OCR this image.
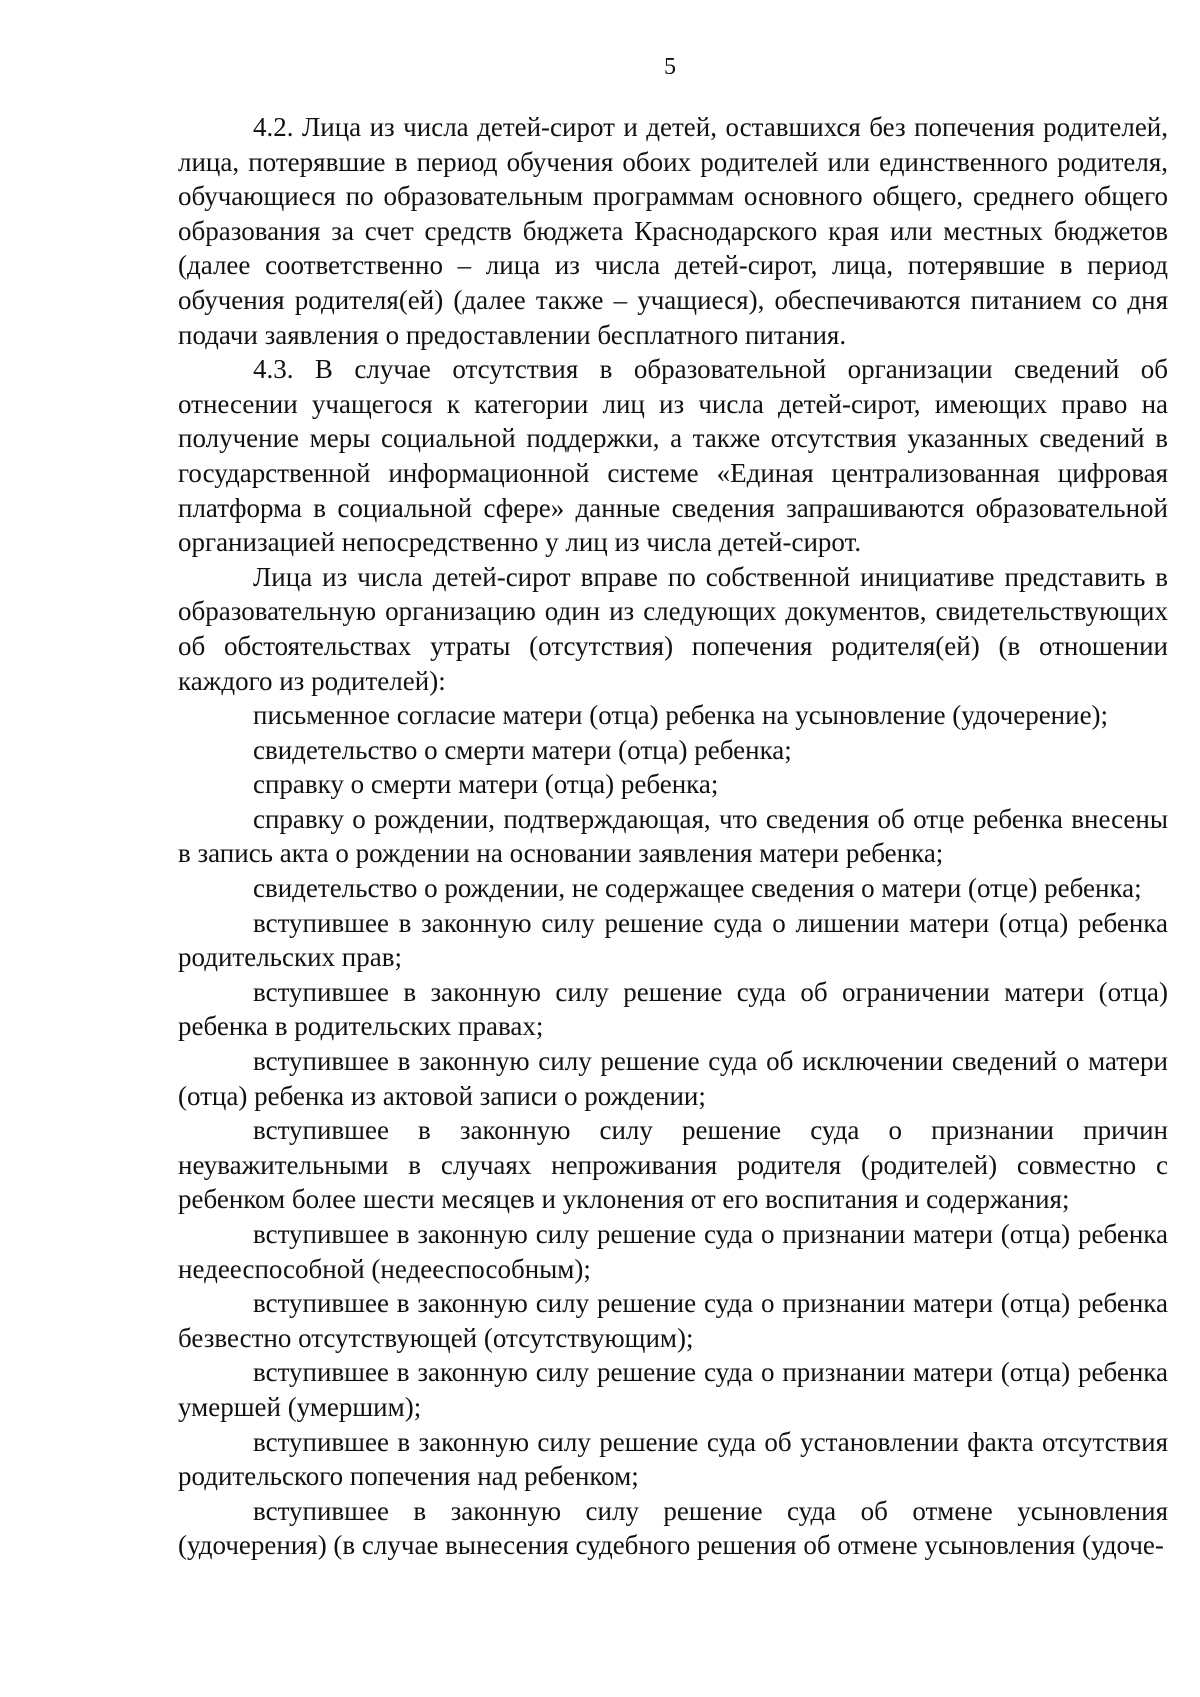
5

4.2. Лица из числа детей-сирот и детей, оставшихся без попечения родителей, лица, потерявшие в период обучения обоих родителей или единственного родителя, обучающиеся по образовательным программам основного общего, среднего общего образования за счет средств бюджета Краснодарского края или местных бюджетов (далее соответственно – лица из числа детей-сирот, лица, потерявшие в период обучения родителя(ей) (далее также – учащиеся), обеспечиваются питанием со дня подачи заявления о предоставлении бесплатного питания.

4.3. В случае отсутствия в образовательной организации сведений об отнесении учащегося к категории лиц из числа детей-сирот, имеющих право на получение меры социальной поддержки, а также отсутствия указанных сведений в государственной информационной системе «Единая централизованная цифровая платформа в социальной сфере» данные сведения запрашиваются образовательной организацией непосредственно у лиц из числа детей-сирот.

Лица из числа детей-сирот вправе по собственной инициативе представить в образовательную организацию один из следующих документов, свидетельствующих об обстоятельствах утраты (отсутствия) попечения родителя(ей) (в отношении каждого из родителей):

письменное согласие матери (отца) ребенка на усыновление (удочерение);

свидетельство о смерти матери (отца) ребенка;

справку о смерти матери (отца) ребенка;

справку о рождении, подтверждающая, что сведения об отце ребенка внесены в запись акта о рождении на основании заявления матери ребенка;

свидетельство о рождении, не содержащее сведения о матери (отце) ребенка;

вступившее в законную силу решение суда о лишении матери (отца) ребенка родительских прав;

вступившее в законную силу решение суда об ограничении матери (отца) ребенка в родительских правах;

вступившее в законную силу решение суда об исключении сведений о матери (отца) ребенка из актовой записи о рождении;

вступившее в законную силу решение суда о признании причин неуважительными в случаях непроживания родителя (родителей) совместно с ребенком более шести месяцев и уклонения от его воспитания и содержания;

вступившее в законную силу решение суда о признании матери (отца) ребенка недееспособной (недееспособным);

вступившее в законную силу решение суда о признании матери (отца) ребенка безвестно отсутствующей (отсутствующим);

вступившее в законную силу решение суда о признании матери (отца) ребенка умершей (умершим);

вступившее в законную силу решение суда об установлении факта отсутствия родительского попечения над ребенком;

вступившее в законную силу решение суда об отмене усыновления (удочерения) (в случае вынесения судебного решения об отмене усыновления (удоче-
